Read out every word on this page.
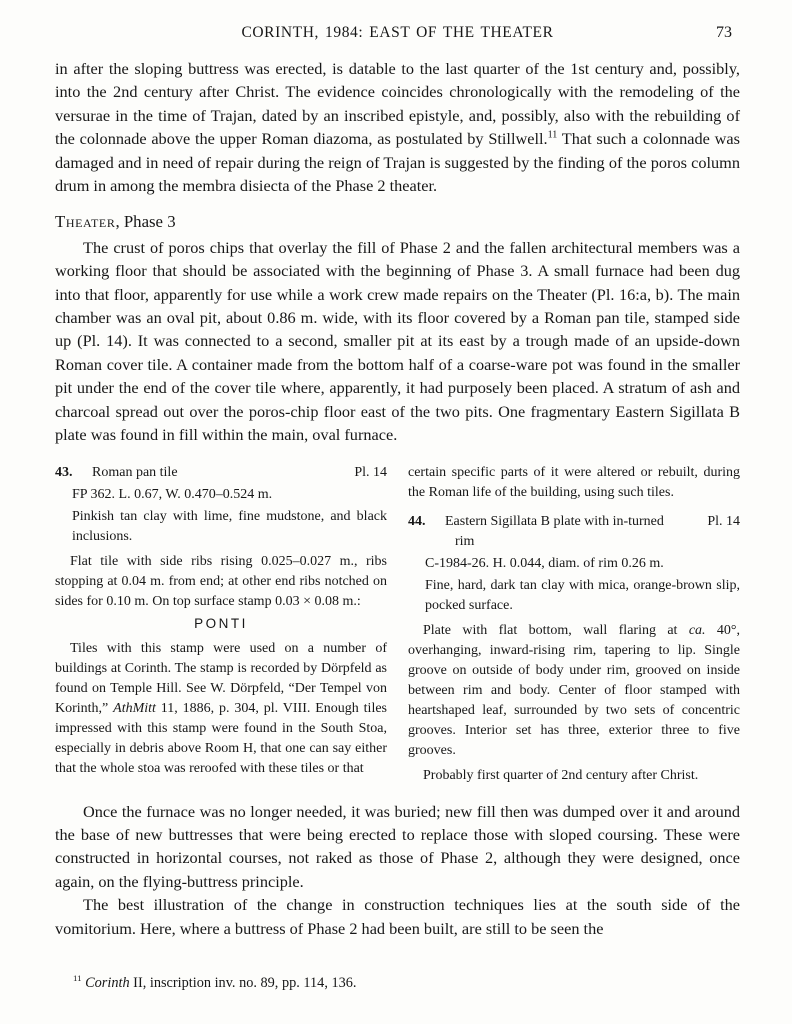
CORINTH, 1984: EAST OF THE THEATER	73
in after the sloping buttress was erected, is datable to the last quarter of the 1st century and, possibly, into the 2nd century after Christ. The evidence coincides chronologically with the remodeling of the versurae in the time of Trajan, dated by an inscribed epistyle, and, possibly, also with the rebuilding of the colonnade above the upper Roman diazoma, as postulated by Stillwell.$^{11}$ That such a colonnade was damaged and in need of repair during the reign of Trajan is suggested by the finding of the poros column drum in among the membra disiecta of the Phase 2 theater.
Theater, Phase 3
The crust of poros chips that overlay the fill of Phase 2 and the fallen architectural members was a working floor that should be associated with the beginning of Phase 3. A small furnace had been dug into that floor, apparently for use while a work crew made repairs on the Theater (Pl. 16:a, b). The main chamber was an oval pit, about 0.86 m. wide, with its floor covered by a Roman pan tile, stamped side up (Pl. 14). It was connected to a second, smaller pit at its east by a trough made of an upside-down Roman cover tile. A container made from the bottom half of a coarse-ware pot was found in the smaller pit under the end of the cover tile where, apparently, it had purposely been placed. A stratum of ash and charcoal spread out over the poros-chip floor east of the two pits. One fragmentary Eastern Sigillata B plate was found in fill within the main, oval furnace.
43.	Roman pan tile	Pl. 14
FP 362. L. 0.67, W. 0.470–0.524 m.
Pinkish tan clay with lime, fine mudstone, and black inclusions.
Flat tile with side ribs rising 0.025–0.027 m., ribs stopping at 0.04 m. from end; at other end ribs notched on sides for 0.10 m. On top surface stamp 0.03 × 0.08 m.:
PONTI
Tiles with this stamp were used on a number of buildings at Corinth. The stamp is recorded by Dörpfeld as found on Temple Hill. See W. Dörpfeld, “Der Tempel von Korinth,” AthMitt 11, 1886, p. 304, pl. VIII. Enough tiles impressed with this stamp were found in the South Stoa, especially in debris above Room H, that one can say either that the whole stoa was reroofed with these tiles or that
certain specific parts of it were altered or rebuilt, during the Roman life of the building, using such tiles.
44.	Eastern Sigillata B plate with in-turned rim
Pl. 14
C-1984-26. H. 0.044, diam. of rim 0.26 m.
Fine, hard, dark tan clay with mica, orange-brown slip, pocked surface.
Plate with flat bottom, wall flaring at ca. 40°, overhanging, inward-rising rim, tapering to lip. Single groove on outside of body under rim, grooved on inside between rim and body. Center of floor stamped with heartshaped leaf, surrounded by two sets of concentric grooves. Interior set has three, exterior three to five grooves.
Probably first quarter of 2nd century after Christ.
Once the furnace was no longer needed, it was buried; new fill then was dumped over it and around the base of new buttresses that were being erected to replace those with sloped coursing. These were constructed in horizontal courses, not raked as those of Phase 2, although they were designed, once again, on the flying-buttress principle.
The best illustration of the change in construction techniques lies at the south side of the vomitorium. Here, where a buttress of Phase 2 had been built, are still to be seen the
$^{11}$ Corinth II, inscription inv. no. 89, pp. 114, 136.
